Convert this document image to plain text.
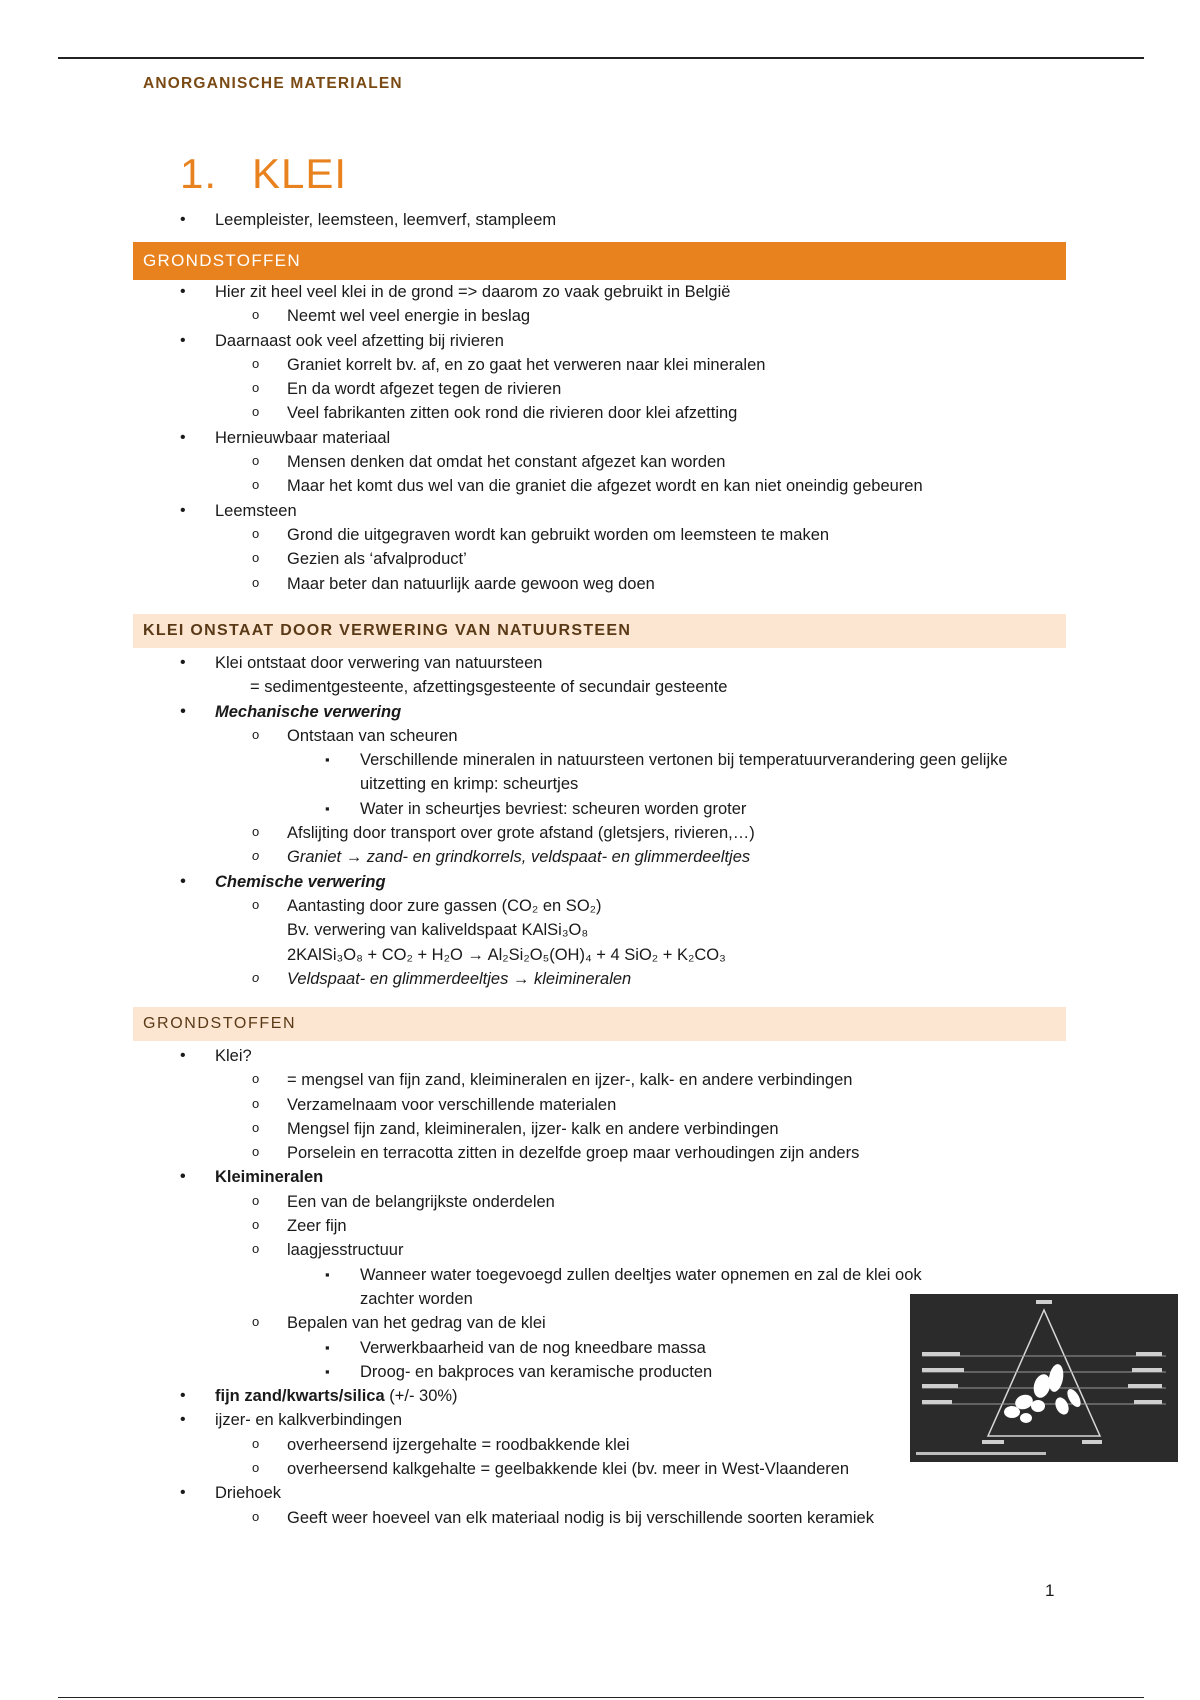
ANORGANISCHE MATERIALEN
1. KLEI
• Leempleister, leemsteen, leemverf, stampleem
GRONDSTOFFEN
• Hier zit heel veel klei in de grond => daarom zo vaak gebruikt in België
o Neemt wel veel energie in beslag
• Daarnaast ook veel afzetting bij rivieren
o Graniet korrelt bv. af, en zo gaat het verweren naar klei mineralen
o En da wordt afgezet tegen de rivieren
o Veel fabrikanten zitten ook rond die rivieren door klei afzetting
• Hernieuwbaar materiaal
o Mensen denken dat omdat het constant afgezet kan worden
o Maar het komt dus wel van die graniet die afgezet wordt en kan niet oneindig gebeuren
• Leemsteen
o Grond die uitgegraven wordt kan gebruikt worden om leemsteen te maken
o Gezien als ‘afvalproduct’
o Maar beter dan natuurlijk aarde gewoon weg doen
KLEI ONSTAAT DOOR VERWERING VAN NATUURSTEEN
• Klei ontstaat door verwering van natuursteen
= sedimentgesteente, afzettingsgesteente of secundair gesteente
• Mechanische verwering
o Ontstaan van scheuren
▪ Verschillende mineralen in natuursteen vertonen bij temperatuurverandering geen gelijke uitzetting en krimp: scheurtjes
▪ Water in scheurtjes bevriest: scheuren worden groter
o Afslijting door transport over grote afstand (gletsjers, rivieren,…)
o Graniet → zand- en grindkorrels, veldspaat- en glimmerdeeltjes
• Chemische verwering
o Aantasting door zure gassen (CO₂ en SO₂)
Bv. verwering van kaliveldspaat KAlSi₃O₈
2KAlSi₃O₈ + CO₂ + H₂O → Al₂Si₂O₅(OH)₄ + 4 SiO₂ + K₂CO₃
o Veldspaat- en glimmerdeeltjes → kleimineralen
GRONDSTOFFEN
• Klei?
o = mengsel van fijn zand, kleimineralen en ijzer-, kalk- en andere verbindingen
o Verzamelnaam voor verschillende materialen
o Mengsel fijn zand, kleimineralen, ijzer- kalk en andere verbindingen
o Porselein en terracotta zitten in dezelfde groep maar verhoudingen zijn anders
• Kleimineralen
o Een van de belangrijkste onderdelen
o Zeer fijn
o laagjesstructuur
▪ Wanneer water toegevoegd zullen deeltjes water opnemen en zal de klei ook zachter worden
o Bepalen van het gedrag van de klei
▪ Verwerkbaarheid van de nog kneedbare massa
▪ Droog- en bakproces van keramische producten
• fijn zand/kwarts/silica (+/- 30%)
• ijzer- en kalkverbindingen
o overheersend ijzergehalte = roodbakkende klei
o overheersend kalkgehalte = geelbakkende klei (bv. meer in West-Vlaanderen
• Driehoek
o Geeft weer hoeveel van elk materiaal nodig is bij verschillende soorten keramiek
1
